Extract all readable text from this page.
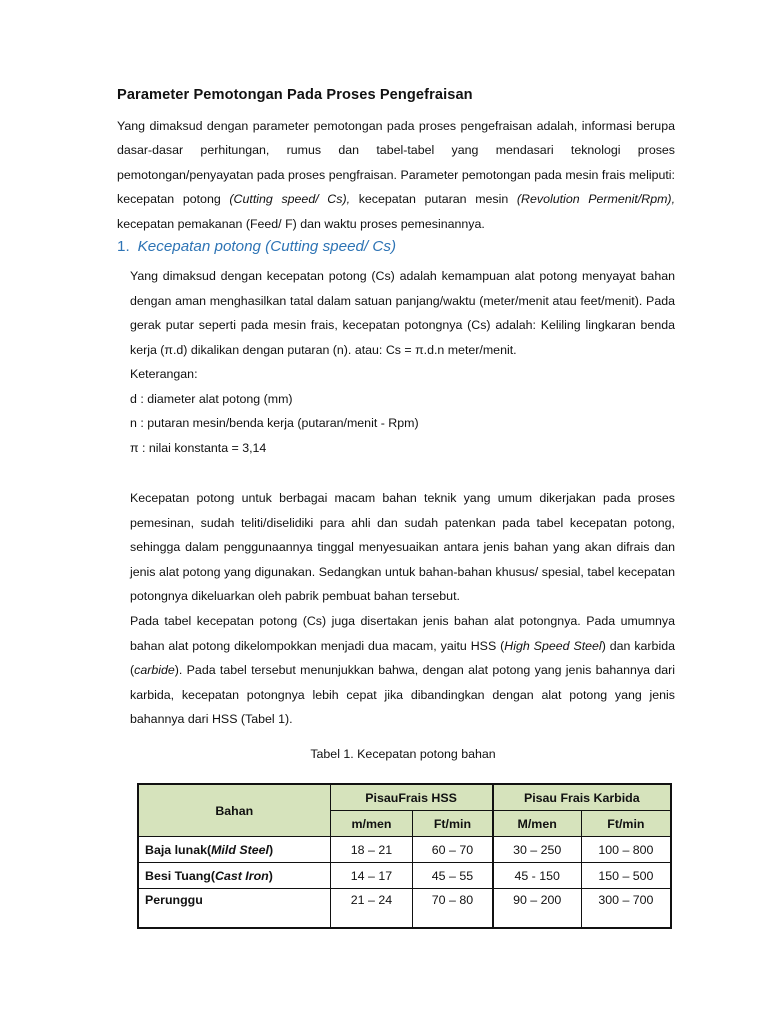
Parameter Pemotongan Pada Proses Pengefraisan

Yang dimaksud dengan parameter pemotongan pada proses pengefraisan adalah, informasi berupa dasar-dasar perhitungan, rumus dan tabel-tabel yang mendasari teknologi proses pemotongan/penyayatan pada proses pengfraisan. Parameter pemotongan pada mesin frais meliputi: kecepatan potong (Cutting speed/ Cs), kecepatan putaran mesin (Revolution Permenit/Rpm), kecepatan pemakanan (Feed/ F) dan waktu proses pemesinannya.

1. Kecepatan potong (Cutting speed/ Cs)

Yang dimaksud dengan kecepatan potong (Cs) adalah kemampuan alat potong menyayat bahan dengan aman menghasilkan tatal dalam satuan panjang/waktu (meter/menit atau feet/menit). Pada gerak putar seperti pada mesin frais, kecepatan potongnya (Cs) adalah: Keliling lingkaran benda kerja (π.d) dikalikan dengan putaran (n). atau: Cs = π.d.n meter/menit.

Keterangan:
d : diameter alat potong (mm)
n : putaran mesin/benda kerja (putaran/menit - Rpm)
π : nilai konstanta = 3,14

Kecepatan potong untuk berbagai macam bahan teknik yang umum dikerjakan pada proses pemesinan, sudah teliti/diselidiki para ahli dan sudah patenkan pada tabel kecepatan potong, sehingga dalam penggunaannya tinggal menyesuaikan antara jenis bahan yang akan difrais dan jenis alat potong yang digunakan. Sedangkan untuk bahan-bahan khusus/ spesial, tabel kecepatan potongnya dikeluarkan oleh pabrik pembuat bahan tersebut.

Pada tabel kecepatan potong (Cs) juga disertakan jenis bahan alat potongnya. Pada umumnya bahan alat potong dikelompokkan menjadi dua macam, yaitu HSS (High Speed Steel) dan karbida (carbide). Pada tabel tersebut menunjukkan bahwa, dengan alat potong yang jenis bahannya dari karbida, kecepatan potongnya lebih cepat jika dibandingkan dengan alat potong yang jenis bahannya dari HSS (Tabel 1).

Tabel 1. Kecepatan potong bahan
Bahan	PisauFrais HSS		Pisau Frais Karbida	
	m/men	Ft/min	M/men	Ft/min
Baja lunak(Mild Steel)	18 – 21	60 – 70	30 – 250	100 – 800
Besi Tuang(Cast Iron)	14 – 17	45 – 55	45 - 150	150 – 500
Perunggu	21 – 24	70 – 80	90 – 200	300 – 700
